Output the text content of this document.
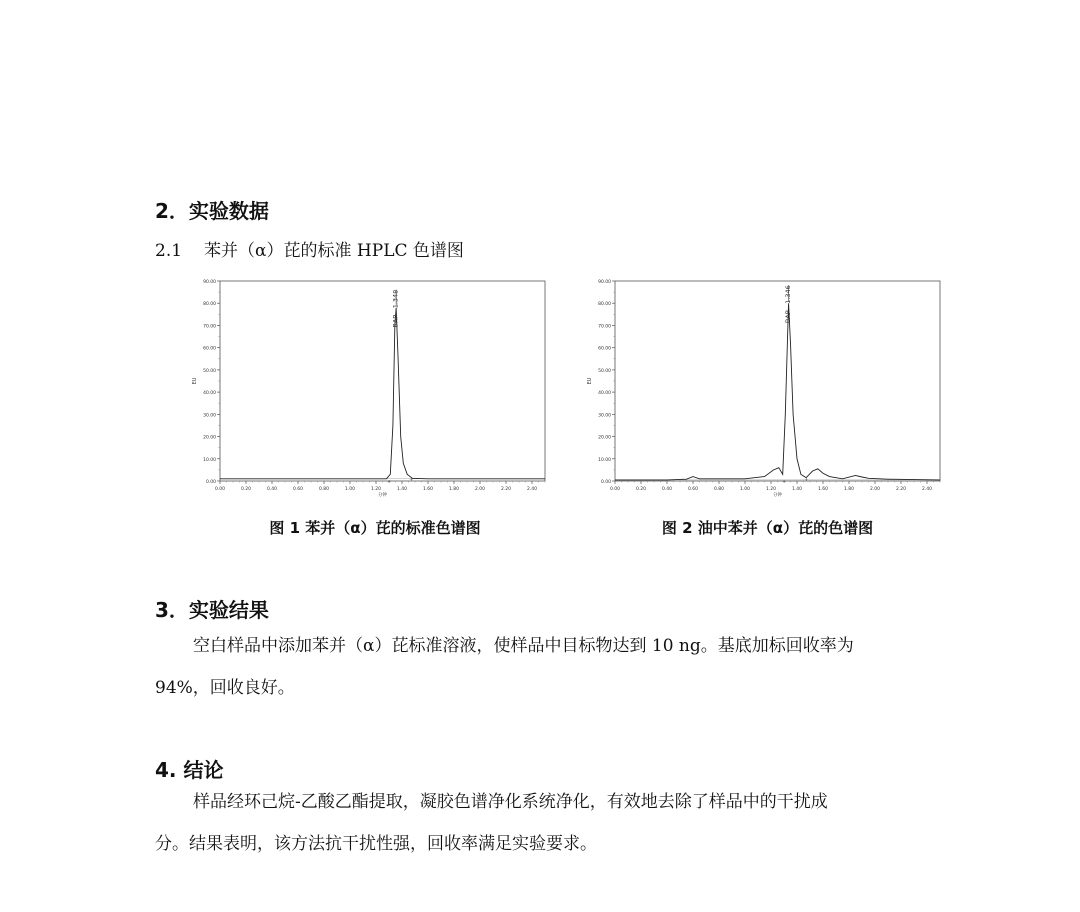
2．实验数据
2.1 苯并（α）芘的标准 HPLC 色谱图
0.00
10.00
20.00
30.00
40.00
50.00
60.00
70.00
80.00
90.00
0.00	0.20	0.40	0.60	0.80	1.00	1.20	1.40	1.60	1.80	2.00	2.20	2.40
分钟
EU
BAP - 1.348
+	+
图 1 苯并（α）芘的标准色谱图
0.00
10.00
20.00
30.00
40.00
50.00
60.00
70.00
80.00
90.00
0.00	0.20	0.40	0.60	0.80	1.00	1.20	1.40	1.60	1.80	2.00	2.20	2.40
分钟
EU
BAP - 1.346
+	+
图 2 油中苯并（α）芘的色谱图
3．实验结果
空白样品中添加苯并（α）芘标准溶液，使样品中目标物达到 10 ng。基底加标回收率为
94%，回收良好。
4. 结论
样品经环己烷-乙酸乙酯提取，凝胶色谱净化系统净化，有效地去除了样品中的干扰成
分。结果表明，该方法抗干扰性强，回收率满足实验要求。
